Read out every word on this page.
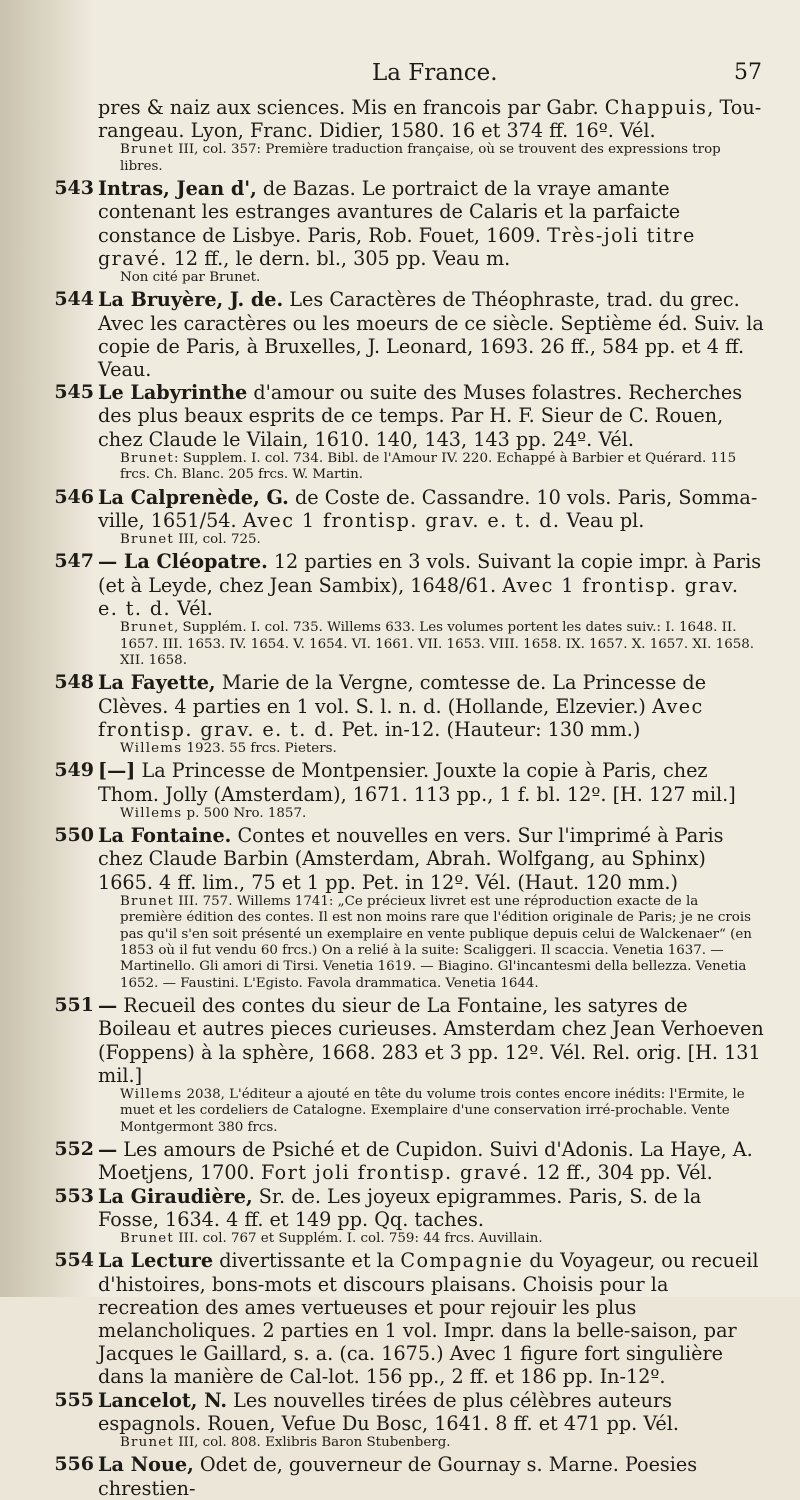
La France.	57
pres & naiz aux sciences. Mis en francois par Gabr. Chappuis, Tou-rangeau. Lyon, Franc. Didier, 1580. 16 et 374 ff. 16º. Vél.
Brunet III, col. 357: Première traduction française, où se trouvent des expressions trop libres.
543 Intras, Jean d', de Bazas. Le portraict de la vraye amante contenant les estranges avantures de Calaris et la parfaicte constance de Lisbye. Paris, Rob. Fouet, 1609. Très-joli titre gravé. 12 ff., le dern. bl., 305 pp. Veau m.
Non cité par Brunet.
544 La Bruyère, J. de. Les Caractères de Théophraste, trad. du grec. Avec les caractères ou les moeurs de ce siècle. Septième éd. Suiv. la copie de Paris, à Bruxelles, J. Leonard, 1693. 26 ff., 584 pp. et 4 ff. Veau.
545 Le Labyrinthe d'amour ou suite des Muses folastres. Recherches des plus beaux esprits de ce temps. Par H. F. Sieur de C. Rouen, chez Claude le Vilain, 1610. 140, 143, 143 pp. 24º. Vél.
Brunet: Supplem. I. col. 734. Bibl. de l'Amour IV. 220. Echappé à Barbier et Quérard. 115 frcs. Ch. Blanc. 205 frcs. W. Martin.
546 La Calprenède, G. de Coste de. Cassandre. 10 vols. Paris, Somma-ville, 1651/54. Avec 1 frontisp. grav. e. t. d. Veau pl.
Brunet III, col. 725.
547 — La Cléopatre. 12 parties en 3 vols. Suivant la copie impr. à Paris (et à Leyde, chez Jean Sambix), 1648/61. Avec 1 frontisp. grav. e. t. d. Vél.
Brunet, Supplém. I. col. 735. Willems 633. Les volumes portent les dates suiv.: I. 1648. II. 1657. III. 1653. IV. 1654. V. 1654. VI. 1661. VII. 1653. VIII. 1658. IX. 1657. X. 1657. XI. 1658. XII. 1658.
548 La Fayette, Marie de la Vergne, comtesse de. La Princesse de Clèves. 4 parties en 1 vol. S. l. n. d. (Hollande, Elzevier.) Avec frontisp. grav. e. t. d. Pet. in-12. (Hauteur: 130 mm.)
Willems 1923. 55 frcs. Pieters.
549 [—] La Princesse de Montpensier. Jouxte la copie à Paris, chez Thom. Jolly (Amsterdam), 1671. 113 pp., 1 f. bl. 12º. [H. 127 mil.]
Willems p. 500 Nro. 1857.
550 La Fontaine. Contes et nouvelles en vers. Sur l'imprimé à Paris chez Claude Barbin (Amsterdam, Abrah. Wolfgang, au Sphinx) 1665. 4 ff. lim., 75 et 1 pp. Pet. in 12º. Vél. (Haut. 120 mm.)
Brunet III. 757. Willems 1741: „Ce précieux livret est une réproduction exacte de la première édition des contes. Il est non moins rare que l'édition originale de Paris; je ne crois pas qu'il s'en soit présenté un exemplaire en vente publique depuis celui de Walckenaer“ (en 1853 où il fut vendu 60 frcs.) On a relié à la suite: Scaliggeri. Il scaccia. Venetia 1637. — Martinello. Gli amori di Tirsi. Venetia 1619. — Biagino. Gl'incantesmi della bellezza. Venetia 1652. — Faustini. L'Egisto. Favola drammatica. Venetia 1644.
551 — Recueil des contes du sieur de La Fontaine, les satyres de Boileau et autres pieces curieuses. Amsterdam chez Jean Verhoeven (Foppens) à la sphère, 1668. 283 et 3 pp. 12º. Vél. Rel. orig. [H. 131 mil.]
Willems 2038, L'éditeur a ajouté en tête du volume trois contes encore inédits: l'Ermite, le muet et les cordeliers de Catalogne. Exemplaire d'une conservation irré-prochable. Vente Montgermont 380 frcs.
552 — Les amours de Psiché et de Cupidon. Suivi d'Adonis. La Haye, A. Moetjens, 1700. Fort joli frontisp. gravé. 12 ff., 304 pp. Vél.
553 La Giraudière, Sr. de. Les joyeux epigrammes. Paris, S. de la Fosse, 1634. 4 ff. et 149 pp. Qq. taches.
Brunet III. col. 767 et Supplém. I. col. 759: 44 frcs. Auvillain.
554 La Lecture divertissante et la Compagnie du Voyageur, ou recueil d'histoires, bons-mots et discours plaisans. Choisis pour la recreation des ames vertueuses et pour rejouir les plus melancholiques. 2 parties en 1 vol. Impr. dans la belle-saison, par Jacques le Gaillard, s. a. (ca. 1675.) Avec 1 figure fort singulière dans la manière de Cal-lot. 156 pp., 2 ff. et 186 pp. In-12º.
555 Lancelot, N. Les nouvelles tirées de plus célèbres auteurs espagnols. Rouen, Vefue Du Bosc, 1641. 8 ff. et 471 pp. Vél.
Brunet III, col. 808. Exlibris Baron Stubenberg.
556 La Noue, Odet de, gouverneur de Gournay s. Marne. Poesies chrestien-
